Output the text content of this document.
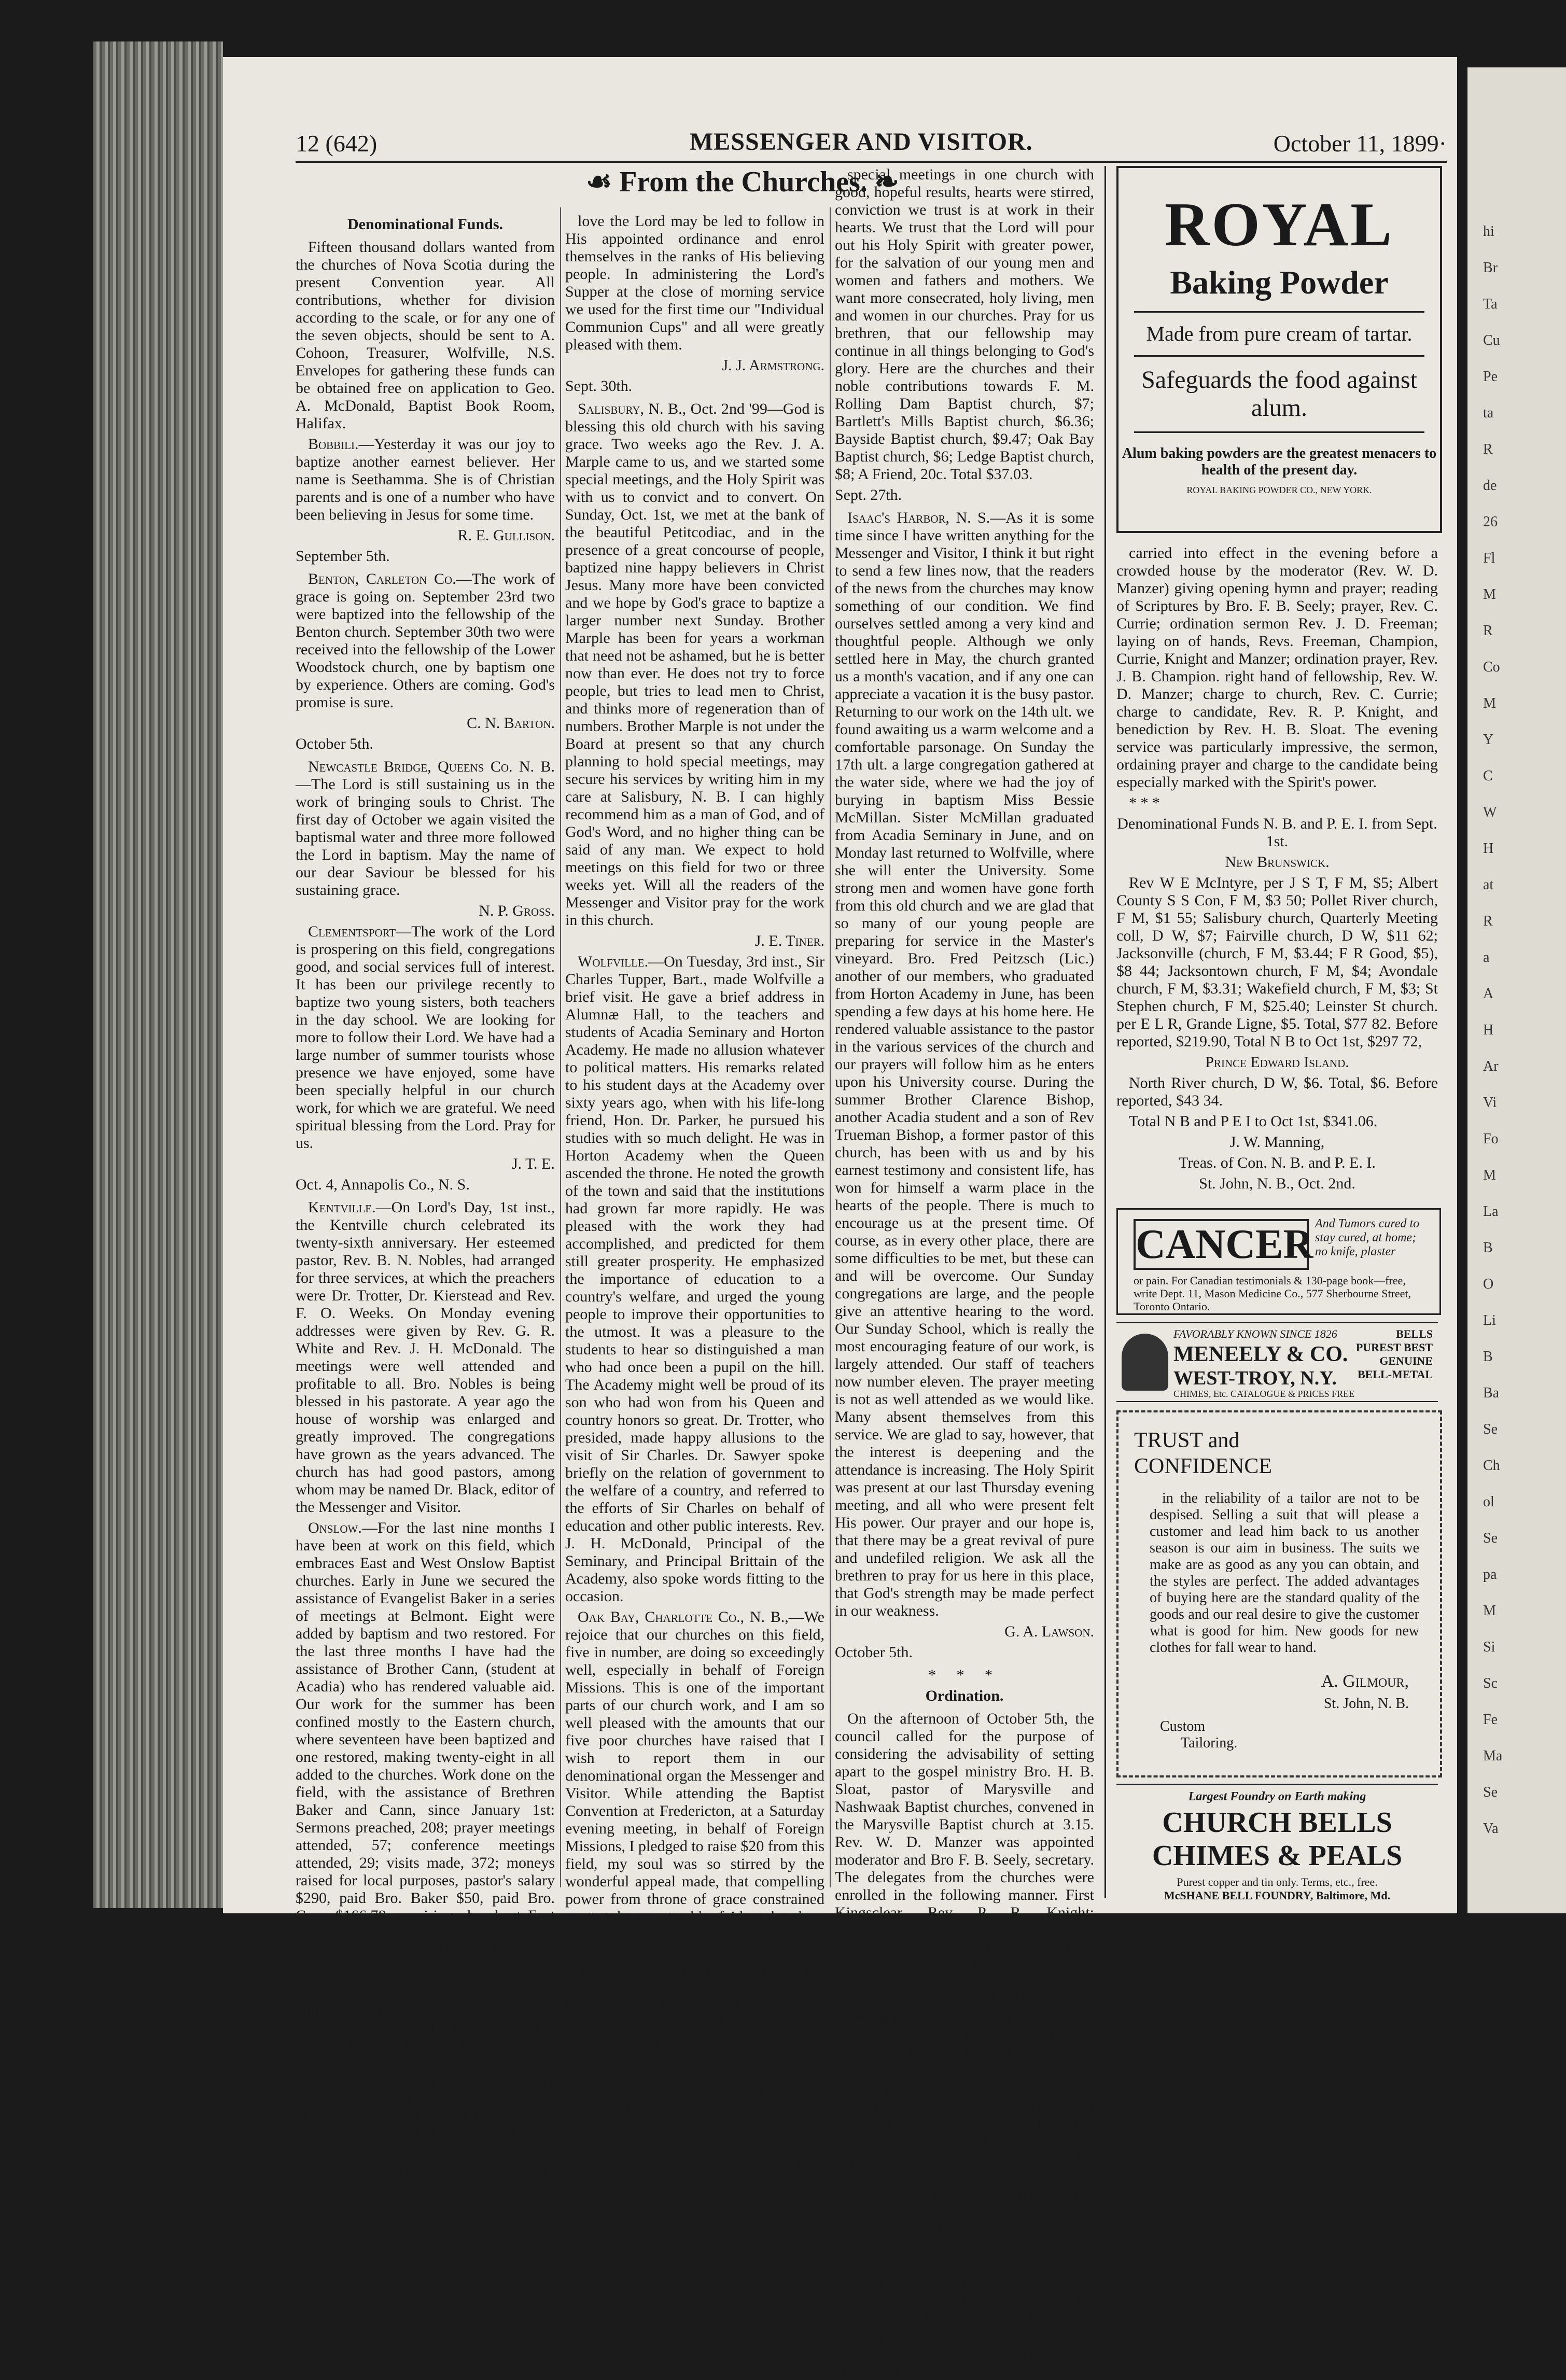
12 (642)	MESSENGER AND VISITOR.	October 11, 1899·
☙ From the Churches. ❧

Denominational Funds.

Fifteen thousand dollars wanted from the churches of Nova Scotia during the present Convention year. All contributions, whether for division according to the scale, or for any one of the seven objects, should be sent to A. Cohoon, Treasurer, Wolfville, N.S. Envelopes for gathering these funds can be obtained free on application to Geo. A. McDonald, Baptist Book Room, Halifax.

Bobbili.—Yesterday it was our joy to baptize another earnest believer. Her name is Seethamma. She is of Christian parents and is one of a number who have been believing in Jesus for some time.

R. E. Gullison.

September 5th.

Benton, Carleton Co.—The work of grace is going on. September 23rd two were baptized into the fellowship of the Benton church. September 30th two were received into the fellowship of the Lower Woodstock church, one by baptism one by experience. Others are coming. God's promise is sure.

C. N. Barton.

October 5th.

Newcastle Bridge, Queens Co. N. B.—The Lord is still sustaining us in the work of bringing souls to Christ. The first day of October we again visited the baptismal water and three more followed the Lord in baptism. May the name of our dear Saviour be blessed for his sustaining grace.

N. P. Gross.

Clementsport—The work of the Lord is prospering on this field, congregations good, and social services full of interest. It has been our privilege recently to baptize two young sisters, both teachers in the day school. We are looking for more to follow their Lord. We have had a large number of summer tourists whose presence we have enjoyed, some have been specially helpful in our church work, for which we are grateful. We need spiritual blessing from the Lord. Pray for us.

J. T. E.

Oct. 4, Annapolis Co., N. S.

Kentville.—On Lord's Day, 1st inst., the Kentville church celebrated its twenty-sixth anniversary. Her esteemed pastor, Rev. B. N. Nobles, had arranged for three services, at which the preachers were Dr. Trotter, Dr. Kierstead and Rev. F. O. Weeks. On Monday evening addresses were given by Rev. G. R. White and Rev. J. H. McDonald. The meetings were well attended and profitable to all. Bro. Nobles is being blessed in his pastorate. A year ago the house of worship was enlarged and greatly improved. The congregations have grown as the years advanced. The church has had good pastors, among whom may be named Dr. Black, editor of the Messenger and Visitor.

Onslow.—For the last nine months I have been at work on this field, which embraces East and West Onslow Baptist churches. Early in June we secured the assistance of Evangelist Baker in a series of meetings at Belmont. Eight were added by baptism and two restored. For the last three months I have had the assistance of Brother Cann, (student at Acadia) who has rendered valuable aid. Our work for the summer has been confined mostly to the Eastern church, where seventeen have been baptized and one restored, making twenty-eight in all added to the churches. Work done on the field, with the assistance of Brethren Baker and Cann, since January 1st: Sermons preached, 208; prayer meetings attended, 57; conference meetings attended, 29; visits made, 372; moneys raised for local purposes, pastor's salary $290, paid Bro. Baker $50, paid Bro. Cann $166.78, repairing church at East Mountain $23, repairing parsonage $45, other objects $25, in all $599.78.

J. Williams.

Brookfield, Col. Co., N. S.—An unusually interesting baptismal service was held at Beaver Brook, an out station of the Brookfield church, on Sunday morning, Sept. 24th, when two sisters, Mrs. C. Crealman and Mrs. R. Murray were baptized on profession of their faith in the Saviour. The plain teachings of God's Word have led them to take this step in obedience to their Lord. These accessions, two others were baptized on a previous occasion, are very encouraging to the little band at Beaver Brook. We are hoping that others in the same community whom we have reason to believe

love the Lord may be led to follow in His appointed ordinance and enrol themselves in the ranks of His believing people. In administering the Lord's Supper at the close of morning service we used for the first time our "Individual Communion Cups" and all were greatly pleased with them.

J. J. Armstrong.

Sept. 30th.

Salisbury, N. B., Oct. 2nd '99—God is blessing this old church with his saving grace. Two weeks ago the Rev. J. A. Marple came to us, and we started some special meetings, and the Holy Spirit was with us to convict and to convert. On Sunday, Oct. 1st, we met at the bank of the beautiful Petitcodiac, and in the presence of a great concourse of people, baptized nine happy believers in Christ Jesus. Many more have been convicted and we hope by God's grace to baptize a larger number next Sunday. Brother Marple has been for years a workman that need not be ashamed, but he is better now than ever. He does not try to force people, but tries to lead men to Christ, and thinks more of regeneration than of numbers. Brother Marple is not under the Board at present so that any church planning to hold special meetings, may secure his services by writing him in my care at Salisbury, N. B. I can highly recommend him as a man of God, and of God's Word, and no higher thing can be said of any man. We expect to hold meetings on this field for two or three weeks yet. Will all the readers of the Messenger and Visitor pray for the work in this church.

J. E. Tiner.

Wolfville.—On Tuesday, 3rd inst., Sir Charles Tupper, Bart., made Wolfville a brief visit. He gave a brief address in Alumnæ Hall, to the teachers and students of Acadia Seminary and Horton Academy. He made no allusion whatever to political matters. His remarks related to his student days at the Academy over sixty years ago, when with his life-long friend, Hon. Dr. Parker, he pursued his studies with so much delight. He was in Horton Academy when the Queen ascended the throne. He noted the growth of the town and said that the institutions had grown far more rapidly. He was pleased with the work they had accomplished, and predicted for them still greater prosperity. He emphasized the importance of education to a country's welfare, and urged the young people to improve their opportunities to the utmost. It was a pleasure to the students to hear so distinguished a man who had once been a pupil on the hill. The Academy might well be proud of its son who had won from his Queen and country honors so great. Dr. Trotter, who presided, made happy allusions to the visit of Sir Charles. Dr. Sawyer spoke briefly on the relation of government to the welfare of a country, and referred to the efforts of Sir Charles on behalf of education and other public interests. Rev. J. H. McDonald, Principal of the Seminary, and Principal Brittain of the Academy, also spoke words fitting to the occasion.

Oak Bay, Charlotte Co., N. B.,—We rejoice that our churches on this field, five in number, are doing so exceedingly well, especially in behalf of Foreign Missions. This is one of the important parts of our church work, and I am so well pleased with the amounts that our five poor churches have raised that I wish to report them in our denominational organ the Messenger and Visitor. While attending the Baptist Convention at Fredericton, at a Saturday evening meeting, in behalf of Foreign Missions, I pledged to raise $20 from this field, my soul was so stirred by the wonderful appeal made, that compelling power from throne of grace constrained me to take my stand by faith and make a tremendous appeal to my five small but genuine Christian churches, and the Lord not only gave me my pledge of $20, but $17 more was added making, total $37. For this we thank the Lord for his gracious power and for his infinite love. We trust him for yet greater showers of divine blessings upon us spiritually. Our prayer meetings are good, not large in numbers but spiritual in social worship. Our congregations over the whole field of five churches are excellent on Sabbaths and Sabbath schools are good. Larger interests are manifested in all good things belonging to grace. We held a week's

special meetings in one church with good, hopeful results, hearts were stirred, conviction we trust is at work in their hearts. We trust that the Lord will pour out his Holy Spirit with greater power, for the salvation of our young men and women and fathers and mothers. We want more consecrated, holy living, men and women in our churches. Pray for us brethren, that our fellowship may continue in all things belonging to God's glory. Here are the churches and their noble contributions towards F. M. Rolling Dam Baptist church, $7; Bartlett's Mills Baptist church, $6.36; Bayside Baptist church, $9.47; Oak Bay Baptist church, $6; Ledge Baptist church, $8; A Friend, 20c. Total $37.03.

Sept. 27th.

Isaac's Harbor, N. S.—As it is some time since I have written anything for the Messenger and Visitor, I think it but right to send a few lines now, that the readers of the news from the churches may know something of our condition. We find ourselves settled among a very kind and thoughtful people. Although we only settled here in May, the church granted us a month's vacation, and if any one can appreciate a vacation it is the busy pastor. Returning to our work on the 14th ult. we found awaiting us a warm welcome and a comfortable parsonage. On Sunday the 17th ult. a large congregation gathered at the water side, where we had the joy of burying in baptism Miss Bessie McMillan. Sister McMillan graduated from Acadia Seminary in June, and on Monday last returned to Wolfville, where she will enter the University. Some strong men and women have gone forth from this old church and we are glad that so many of our young people are preparing for service in the Master's vineyard. Bro. Fred Peitzsch (Lic.) another of our members, who graduated from Horton Academy in June, has been spending a few days at his home here. He rendered valuable assistance to the pastor in the various services of the church and our prayers will follow him as he enters upon his University course. During the summer Brother Clarence Bishop, another Acadia student and a son of Rev Trueman Bishop, a former pastor of this church, has been with us and by his earnest testimony and consistent life, has won for himself a warm place in the hearts of the people. There is much to encourage us at the present time. Of course, as in every other place, there are some difficulties to be met, but these can and will be overcome. Our Sunday congregations are large, and the people give an attentive hearing to the word. Our Sunday School, which is really the most encouraging feature of our work, is largely attended. Our staff of teachers now number eleven. The prayer meeting is not as well attended as we would like. Many absent themselves from this service. We are glad to say, however, that the interest is deepening and the attendance is increasing. The Holy Spirit was present at our last Thursday evening meeting, and all who were present felt His power. Our prayer and our hope is, that there may be a great revival of pure and undefiled religion. We ask all the brethren to pray for us here in this place, that God's strength may be made perfect in our weakness.

G. A. Lawson.

October 5th.

* * *

Ordination.

On the afternoon of October 5th, the council called for the purpose of considering the advisability of setting apart to the gospel ministry Bro. H. B. Sloat, pastor of Marysville and Nashwaak Baptist churches, convened in the Marysville Baptist church at 3.15. Rev. W. D. Manzer was appointed moderator and Bro F. B. Seely, secretary. The delegates from the churches were enrolled in the following manner. First Kingsclear, Rev. P. R. Knight; Richmond, Rev. Calvin Currie; Macnaquac, deacon Jas. F. Clarke; Fredericton, Rev. J. D. Freeman, deacon J. Clark; Gibson, Rev. J. B. Champion, deacons, Babbitt and Hall; New Maryland, deacon Henry Morgan; Newcastle, Rev. N. P. Gross; Nashwaak, deacon C Manzer; Marysville, deacon C. Smith; Glencoe, Rev W. D. Manzer; Maugerville, Bro. Tredwell, Bros. F. O. Erb of St. John, and W. T. Brown of Marysville were invited to seats in the council. The candidate was then requested to give a statement of his conversion and call to the ministry, after which Rev. J. D. Freeman, being appointed to examine the candidate on his views of Christian doctrine, interviewed him to a considerable extent on the fundamental truth of the Bible. Bro. Sloat being then asked to withdraw, it was moved that the statement of his conversion, call to ministry and Christian doctrine of the candidate be received and to proceed with his ordination. The ordination exercises were

ROYAL
Baking Powder
Made from pure cream of tartar.
Safeguards the food against alum.
Alum baking powders are the greatest menacers to health of the present day.
ROYAL BAKING POWDER CO., NEW YORK.

carried into effect in the evening before a crowded house by the moderator (Rev. W. D. Manzer) giving opening hymn and prayer; reading of Scriptures by Bro. F. B. Seely; prayer, Rev. C. Currie; ordination sermon Rev. J. D. Freeman; laying on of hands, Revs. Freeman, Champion, Currie, Knight and Manzer; ordination prayer, Rev. J. B. Champion. right hand of fellowship, Rev. W. D. Manzer; charge to church, Rev. C. Currie; charge to candidate, Rev. R. P. Knight, and benediction by Rev. H. B. Sloat. The evening service was particularly impressive, the sermon, ordaining prayer and charge to the candidate being especially marked with the Spirit's power.

* * *

Denominational Funds N. B. and P. E. I. from Sept. 1st.

New Brunswick.

Rev W E McIntyre, per J S T, F M, $5; Albert County S S Con, F M, $3 50; Pollet River church, F M, $1 55; Salisbury church, Quarterly Meeting coll, D W, $7; Fairville church, D W, $11 62; Jacksonville (church, F M, $3.44; F R Good, $5), $8 44; Jacksontown church, F M, $4; Avondale church, F M, $3.31; Wakefield church, F M, $3; St Stephen church, F M, $25.40; Leinster St church. per E L R, Grande Ligne, $5. Total, $77 82. Before reported, $219.90, Total N B to Oct 1st, $297 72,

Prince Edward Island.

North River church, D W, $6. Total, $6. Before reported, $43 34.

Total N B and P E I to Oct 1st, $341.06.

J. W. Manning,

Treas. of Con. N. B. and P. E. I.

St. John, N. B., Oct. 2nd.

CANCER And Tumors cured to stay cured, at home; no knife, plaster
or pain. For Canadian testimonials & 130-page book—free, write Dept. 11, Mason Medicine Co., 577 Sherbourne Street, Toronto Ontario.
FAVORABLY KNOWN SINCE 1826
MENEELY & CO.
WEST-TROY, N.Y.
CHIMES, Etc. CATALOGUE & PRICES FREE
BELLS PUREST BEST GENUINE BELL-METAL
TRUST and
CONFIDENCE
in the reliability of a tailor are not to be despised. Selling a suit that will please a customer and lead him back to us another season is our aim in business. The suits we make are as good as any you can obtain, and the styles are perfect. The added advantages of buying here are the standard quality of the goods and our real desire to give the customer what is good for him. New goods for new clothes for fall wear to hand.
A. Gilmour,
St. John, N. B.
Custom
Tailoring.
Largest Foundry on Earth making
CHURCH BELLS CHIMES & PEALS
Purest copper and tin only. Terms, etc., free.
McSHANE BELL FOUNDRY, Baltimore, Md.
hi
Br
Ta
Cu
Pe
ta
R
de
26
Fl
M
R
Co
M
Y
C
W
H
at
R
a
A
H
Ar
Vi
Fo
M
La
B
O
Li
B
Ba
Se
Ch
ol
Se
pa
M
Si
Sc
Fe
Ma
Se
Va
